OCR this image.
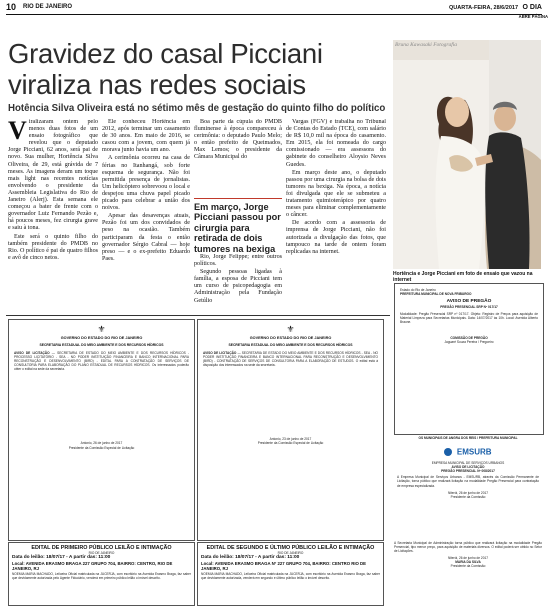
10 RIO DE JANEIRO	QUARTA-FEIRA, 28/6/2017 O DIA
ABRE PÁGINA
Gravidez do casal Picciani
viraliza nas redes sociais
Hotência Silva Oliveira está no sétimo mês de gestação do quinto filho do político

Viralizaram ontem pelo menos duas fotos de um ensaio fotográfico que revelou que o deputado Jorge Picciani, 62 anos, será pai de novo. Sua mulher, Hortência Silva Oliveira, de 29, está grávida de 7 meses. As imagens deram um toque mais light nas recentes notícias envolvendo o presidente da Assembleia Legislativa do Rio de Janeiro (Alerj). Esta semana ele começou a bater de frente com o governador Luiz Fernando Pezão e, há poucos meses, fez cirurgia grave e saiu à tona.

Este será o quinto filho do também presidente do PMDB no Rio. O político é pai de quatro filhos e avô de cinco netos.

Ele conheceu Hortência em 2012, após terminar um casamento de 30 anos. Em maio de 2016, se casou com a jovem, com quem já morava junto havia um ano.

A cerimônia ocorreu na casa de férias no Itanhangá, sob forte esquema de segurança. Não foi permitida presença de jornalistas. Um helicóptero sobrevoou o local e despejou uma chuva papel picado picado para celebrar a união dos noivos.

Apesar das desavenças atuais, Pezão foi um dos convidados de peso na ocasião. Também participaram da festa o então governador Sérgio Cabral — hoje preso — e o ex-prefeito Eduardo Paes.

Boa parte da cúpula do PMDB fluminense à época compareceu à cerimônia: o deputado Paulo Melo; o então prefeito de Queimados, Max Lemos; o presidente da Câmara Municipal do

Em março, Jorge Picciani passou por cirurgia para retirada de dois tumores na bexiga

Rio, Jorge Felippe; entre outros políticos.

Segundo pessoas ligadas à família, a esposa de Picciani tem um curso de psicopedagogia em Administração pela Fundação Getúlio

Vargas (FGV) e trabalha no Tribunal de Contas do Estado (TCE), com salário de R$ 10,0 mil na época do casamento. Em 2015, ela foi nomeada do cargo comissionado — era assessora do gabinete do conselheiro Aloysio Neves Guedes.

Em março deste ano, o deputado passou por uma cirurgia na bolsa de dois tumores na bexiga. Na época, a notícia foi divulgada que ele se submeteu a tratamento quimioterápico por quatro meses para eliminar complementamente o câncer.

De acordo com a assessoria de imprensa de Jorge Picciani, não foi autorizada a divulgação das fotos, que tampouco na tarde de ontem foram replicadas na internet.

Bruna Kawasaki Fotografia
Hortência e Jorge Picciani em foto de ensaio que vazou na internet
⚜
GOVERNO DO ESTADO DO RIO DE JANEIRO
SECRETARIA ESTADUAL DO MEIO AMBIENTE E DOS RECURSOS HÍDRICOS
AVISO DE LICITAÇÃO — SECRETARIA DE ESTADO DO MEIO AMBIENTE E DOS RECURSOS HÍDRICOS - PROCESSO LICITATÓRIO - SEA - NO PODER INSTITUIÇÃO FINANCEIRA E BANCO INTERNACIONAL PARA RECONSTRUÇÃO E DESENVOLVIMENTO (BIRD) - EDITAL PARA A CONTRATAÇÃO DE SERVIÇOS DE CONSULTORIA PARA ELABORAÇÃO DO PLANO ESTADUAL DE RECURSOS HÍDRICOS. Os interessados poderão obter o edital na sede da secretaria.
Antonio, 26 de junho de 2017
Presidente da Comissão Especial de Licitação
⚜
GOVERNO DO ESTADO DO RIO DE JANEIRO
SECRETARIA ESTADUAL DO MEIO AMBIENTE E DOS RECURSOS HÍDRICOS
AVISO DE LICITAÇÃO — SECRETARIA DE ESTADO DO MEIO AMBIENTE E DOS RECURSOS HÍDRICOS - SEA - NO PODER INSTITUIÇÃO FINANCEIRA E BANCO INTERNACIONAL PARA RECONSTRUÇÃO E DESENVOLVIMENTO (BIRD) - CONTRATAÇÃO DE SERVIÇOS DE CONSULTORIA PARA A ELABORAÇÃO DE ESTUDOS. O edital está à disposição dos interessados na sede da secretaria.
Antonio, 23 de junho de 2017
Presidente da Comissão Especial de Licitação
Estado do Rio de Janeiro
PREFEITURA MUNICIPAL DE NOVA FRIBURGO
AVISO DE PREGÃO
PREGÃO PRESENCIAL SRP Nº 017/17
Modalidade: Pregão Presencial SRP nº 017/17. Objeto: Registro de Preços para aquisição de Material Limpeza para Secretarias Municipais. Data: 14/07/2017 às 10h. Local: Avenida Alberto Braune.
COMISSÃO DE PREGÃO
Jaguaré Souza Pereira / Pregoeiro
OS MUNICIPAIS DE ANGRA DOS REIS / PREFEITURA MUNICIPAL
EMSURB
EMPRESA MUNICIPAL DE SERVIÇOS URBANOS
AVISO DE LICITAÇÃO
PREGÃO PRESENCIAL Nº 008/2017
A Empresa Municipal de Serviços Urbanos - EMSURB, através da Comissão Permanente de Licitação, torna público que realizará licitação na modalidade Pregão Presencial para contratação de empresa especializada.
Niterói, 26 de junho de 2017
Presidente da Comissão
EDITAL DE PRIMEIRO PÚBLICO LEILÃO E INTIMAÇÃO
RIO DE JANEIRO
Data do leilão: 18/07/17 - A partir das: 11:00
Local: AVENIDA ERASMO BRAGA 227 GRUPO 704, BAIRRO: CENTRO, RIO DE JANEIRO, RJ
NOEMIA MARIA MACHADO, Leiloeira Oficial matriculada na JUCERJA, com escritório na Avenida Erasmo Braga, faz saber que devidamente autorizada pelo Agente Fiduciário, venderá em primeiro público leilão o imóvel descrito.
EDITAL DE SEGUNDO E ÚLTIMO PÚBLICO LEILÃO E INTIMAÇÃO
RIO DE JANEIRO
Data do leilão: 18/07/17 - A partir das: 11:00
Local: AVENIDA ERASMO BRAGA Nº 227 GRUPO 704, BAIRRO: CENTRO RIO DE JANEIRO, RJ
NOEMIA MARIA MACHADO, Leiloeira Oficial matriculada na JUCERJA, com escritório na Avenida Erasmo Braga, faz saber que devidamente autorizada, venderá em segundo e último público leilão o imóvel descrito.
A Secretaria Municipal de Administração torna público que realizará licitação na modalidade Pregão Presencial, tipo menor preço, para aquisição de materiais diversos. O edital poderá ser obtido no Setor de Licitações.
Niterói, 26 de junho de 2017
MARIA DA SILVA
Presidente da Comissão
